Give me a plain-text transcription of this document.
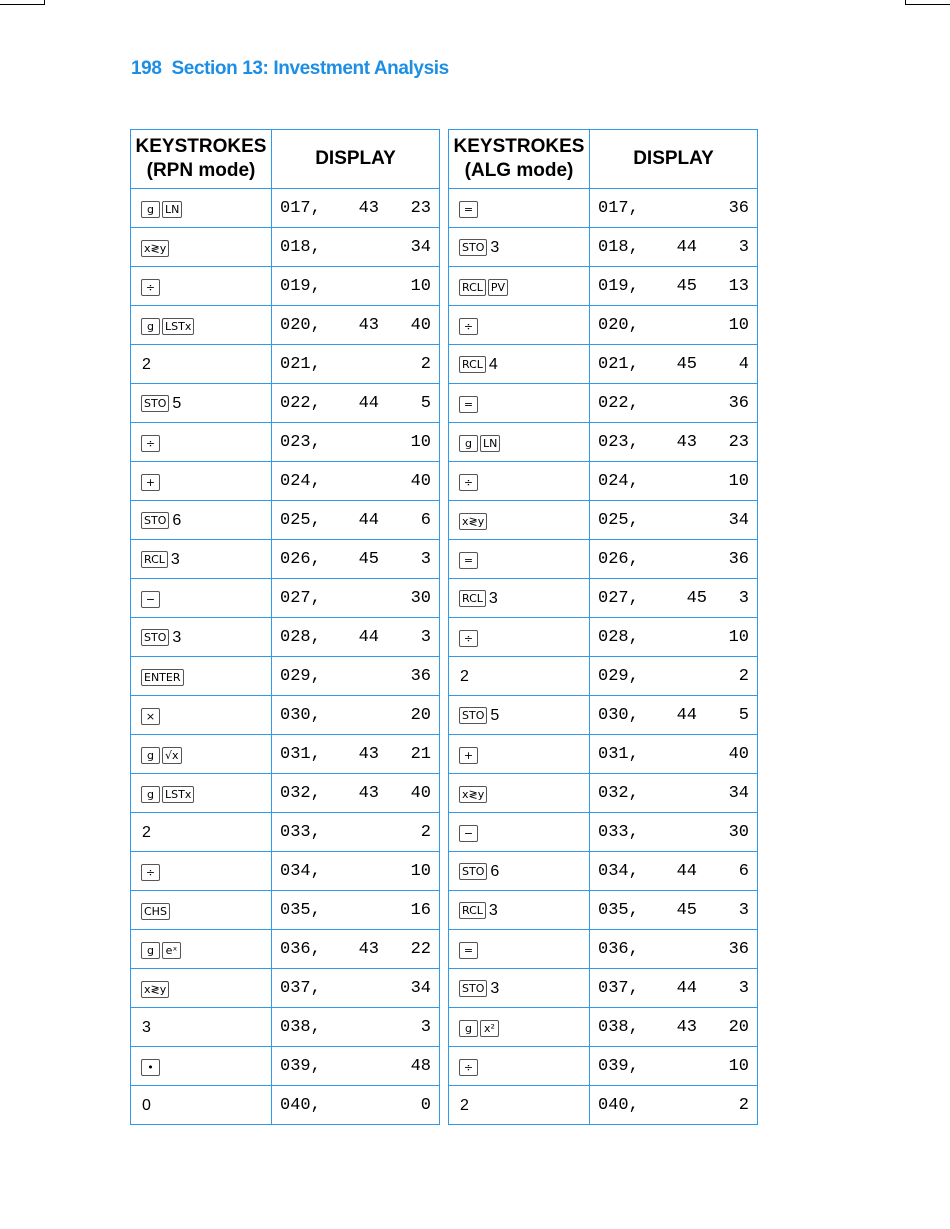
198 Section 13: Investment Analysis
KEYSTROKES
(RPN mode)	DISPLAY
g LN	017, 43 23

x≷y	018, 34

÷	019, 10

g LSTx	020, 43 40

2	021, 2

STO 5	022, 44 5

÷	023, 10

+	024, 40

STO 6	025, 44 6

RCL 3	026, 45 3

−	027, 30

STO 3	028, 44 3

ENTER	029, 36

×	030, 20

g √x	031, 43 21

g LSTx	032, 43 40

2	033, 2

÷	034, 10

CHS	035, 16

g eˣ	036, 43 22

x≷y	037, 34

3	038, 3

•	039, 48

0	040, 0
KEYSTROKES
(ALG mode)	DISPLAY
=	017, 36

STO 3	018, 44 3

RCL PV	019, 45 13

÷	020, 10

RCL 4	021, 45 4

=	022, 36

g LN	023, 43 23

÷	024, 10

x≷y	025, 34

=	026, 36

RCL 3	027, 45 3

÷	028, 10

2	029, 2

STO 5	030, 44 5

+	031, 40

x≷y	032, 34

−	033, 30

STO 6	034, 44 6

RCL 3	035, 45 3

=	036, 36

STO 3	037, 44 3

g x²	038, 43 20

÷	039, 10

2	040, 2
